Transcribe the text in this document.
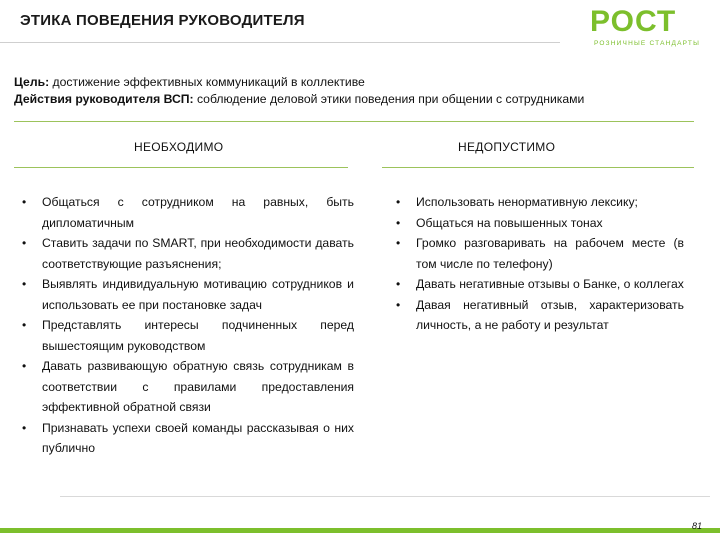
ЭТИКА ПОВЕДЕНИЯ РУКОВОДИТЕЛЯ	РОСТ
РОЗНИЧНЫЕ СТАНДАРТЫ
Цель: достижение эффективных коммуникаций в коллективе
Действия руководителя ВСП: соблюдение деловой этики поведения при общении с сотрудниками
НЕОБХОДИМО	НЕДОПУСТИМО
• Общаться с сотрудником на равных, быть дипломатичным
• Ставить задачи по SMART, при необходимости давать соответствующие разъяснения;
• Выявлять индивидуальную мотивацию сотрудников и использовать ее при постановке задач
• Представлять интересы подчиненных перед вышестоящим руководством
• Давать развивающую обратную связь сотрудникам в соответствии с правилами предоставления эффективной обратной связи
• Признавать успехи своей команды рассказывая о них публично
• Использовать ненормативную лексику;
• Общаться на повышенных тонах
• Громко разговаривать на рабочем месте (в том числе по телефону)
• Давать негативные отзывы о Банке, о коллегах
• Давая негативный отзыв, характеризовать личность, а не работу и результат
81
